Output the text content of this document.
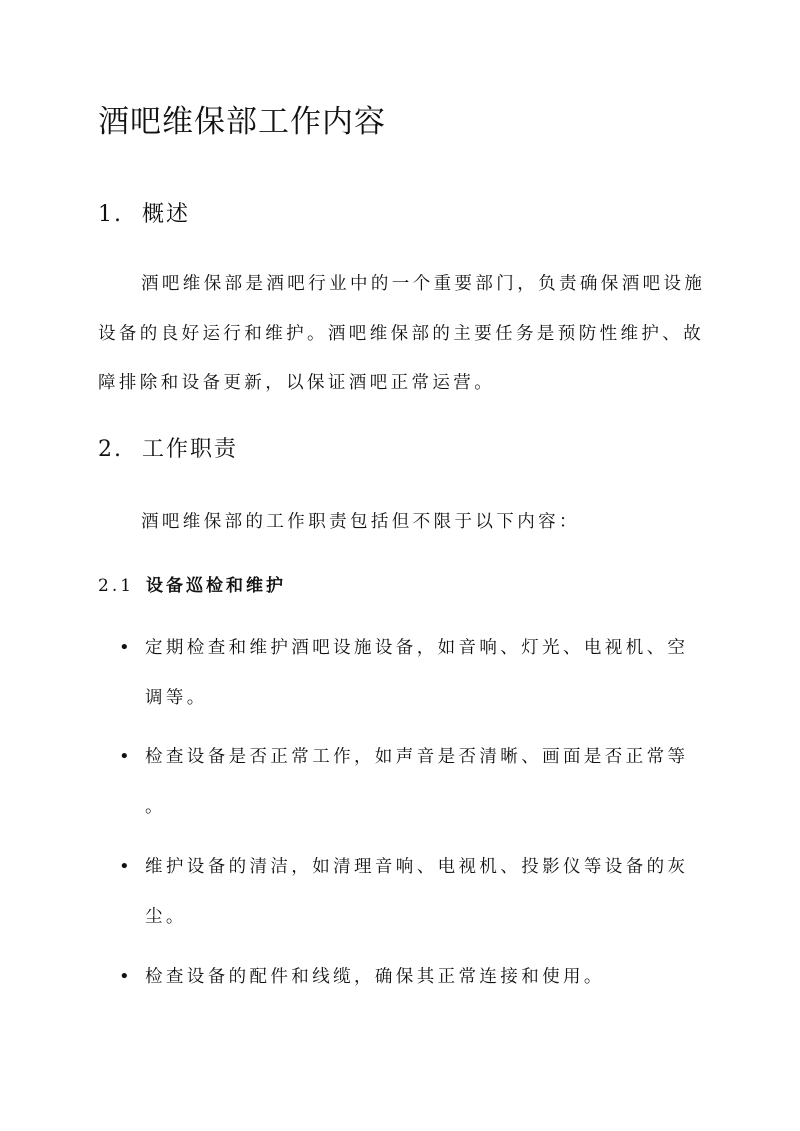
酒吧维保部工作内容
1. 概述

酒吧维保部是酒吧行业中的一个重要部门，负责确保酒吧设施

设备的良好运行和维护。酒吧维保部的主要任务是预防性维护、故

障排除和设备更新，以保证酒吧正常运营。

2. 工作职责

酒吧维保部的工作职责包括但不限于以下内容：

2.1 设备巡检和维护
• 定期检查和维护酒吧设施设备，如音响、灯光、电视机、空

调等。

• 检查设备是否正常工作，如声音是否清晰、画面是否正常等

。

• 维护设备的清洁，如清理音响、电视机、投影仪等设备的灰

尘。

• 检查设备的配件和线缆，确保其正常连接和使用。
